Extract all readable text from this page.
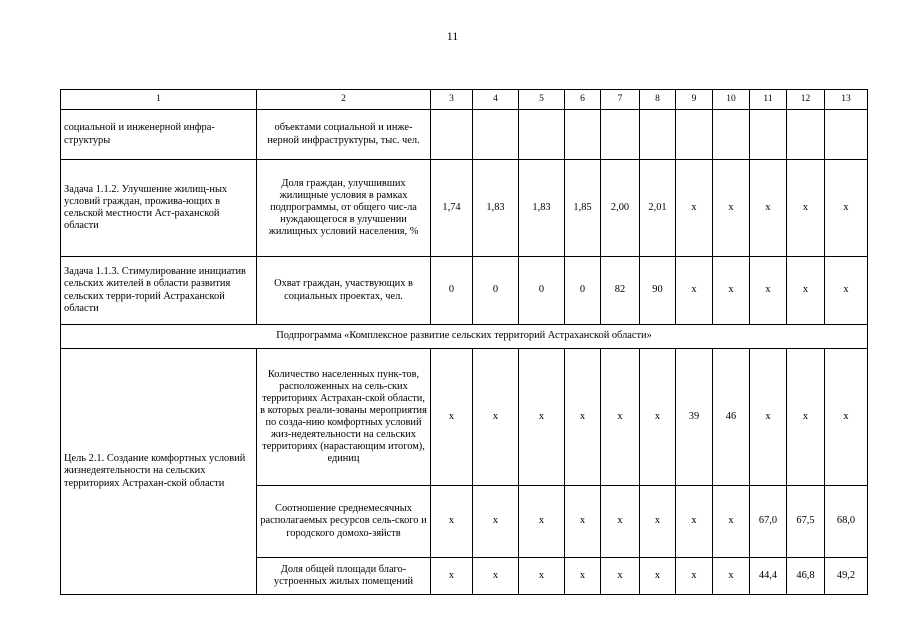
11
1	2	3	4	5	6	7	8	9	10	11	12	13
социальной и инженерной инфра-структуры	объектами социальной и инже-нерной инфраструктуры, тыс. чел.											
Задача 1.1.2. Улучшение жилищ-ных условий граждан, прожива-ющих в сельской местности Аст-раханской области	Доля граждан, улучшивших жилищные условия в рамках подпрограммы, от общего чис-ла нуждающегося в улучшении жилищных условий населения, %	1,74	1,83	1,83	1,85	2,00	2,01	х	х	х	х	х
Задача 1.1.3. Стимулирование инициатив сельских жителей в области развития сельских терри-торий Астраханской области	Охват граждан, участвующих в социальных проектах, чел.	0	0	0	0	82	90	х	х	х	х	х
Подпрограмма «Комплексное развитие сельских территорий Астраханской области»												
Цель 2.1. Создание комфортных условий жизнедеятельности на сельских территориях Астрахан-ской области	Количество населенных пунк-тов, расположенных на сель-ских территориях Астрахан-ской области, в которых реали-зованы мероприятия по созда-нию комфортных условий жиз-недеятельности на сельских территориях (нарастающим итогом), единиц	х	х	х	х	х	х	39	46	х	х	х
	Соотношение среднемесячных располагаемых ресурсов сель-ского и городского домохо-зяйств	х	х	х	х	х	х	х	х	67,0	67,5	68,0
	Доля общей площади благо-устроенных жилых помещений	х	х	х	х	х	х	х	х	44,4	46,8	49,2
